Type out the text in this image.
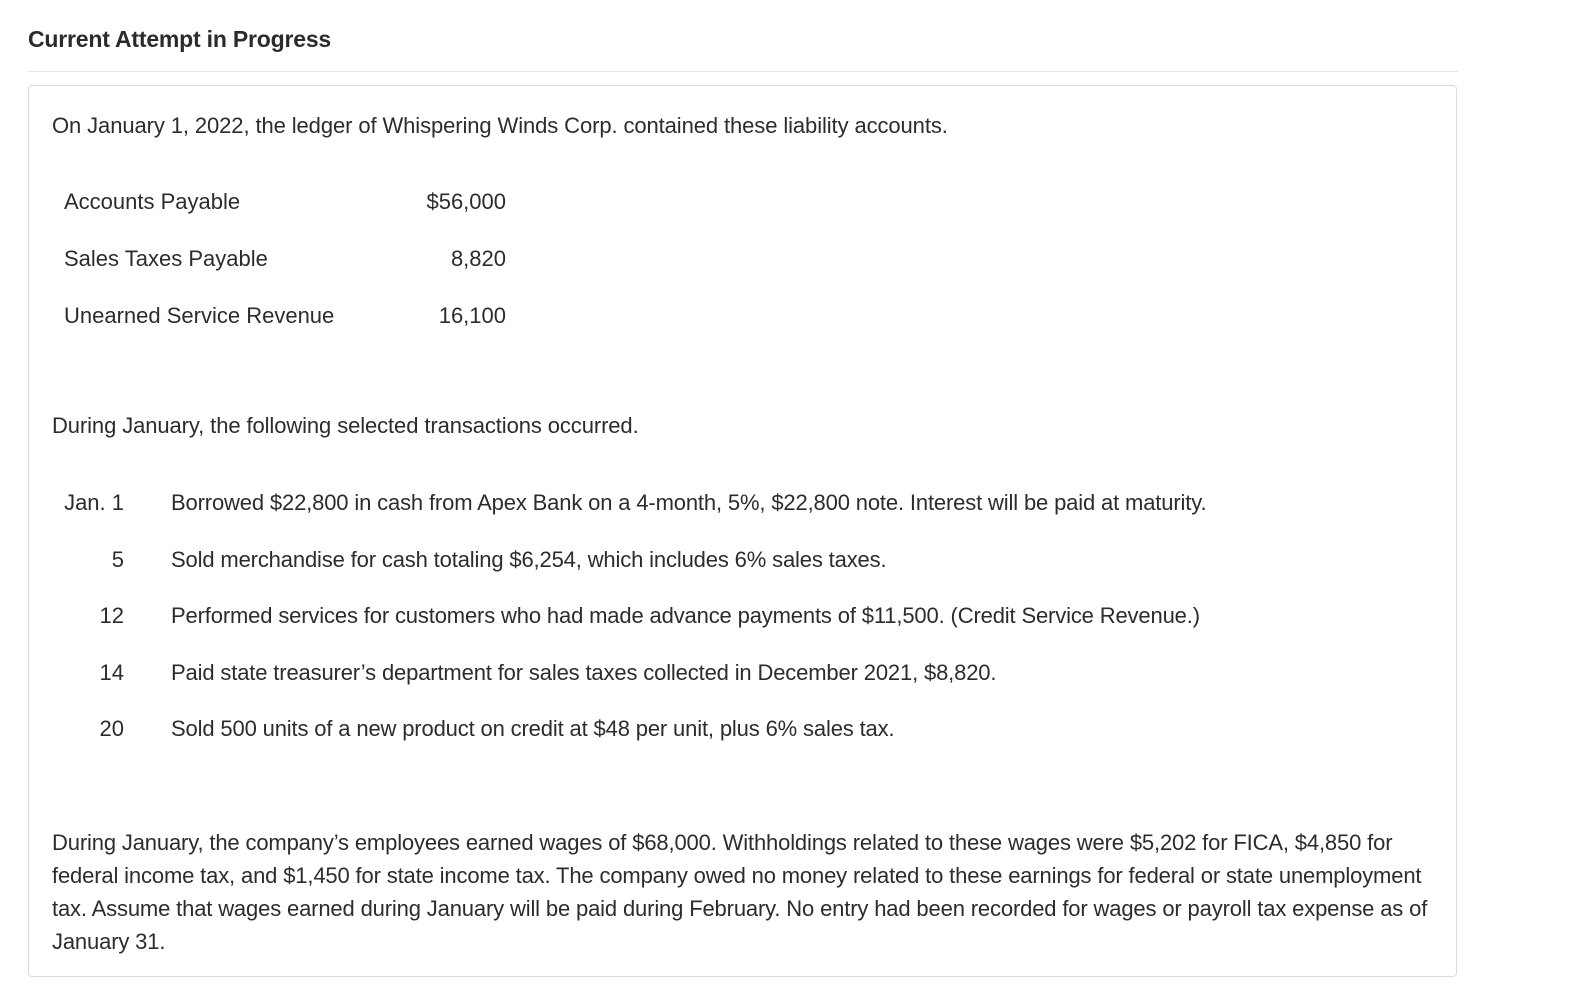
Current Attempt in Progress
On January 1, 2022, the ledger of Whispering Winds Corp. contained these liability accounts.
Accounts Payable	$56,000
Sales Taxes Payable	8,820
Unearned Service Revenue	16,100
During January, the following selected transactions occurred.
Jan. 1 Borrowed $22,800 in cash from Apex Bank on a 4-month, 5%, $22,800 note. Interest will be paid at maturity.
5 Sold merchandise for cash totaling $6,254, which includes 6% sales taxes.
12 Performed services for customers who had made advance payments of $11,500. (Credit Service Revenue.)
14 Paid state treasurer’s department for sales taxes collected in December 2021, $8,820.
20 Sold 500 units of a new product on credit at $48 per unit, plus 6% sales tax.
During January, the company’s employees earned wages of $68,000. Withholdings related to these wages were $5,202 for FICA, $4,850 for federal income tax, and $1,450 for state income tax. The company owed no money related to these earnings for federal or state unemployment tax. Assume that wages earned during January will be paid during February. No entry had been recorded for wages or payroll tax expense as of January 31.
